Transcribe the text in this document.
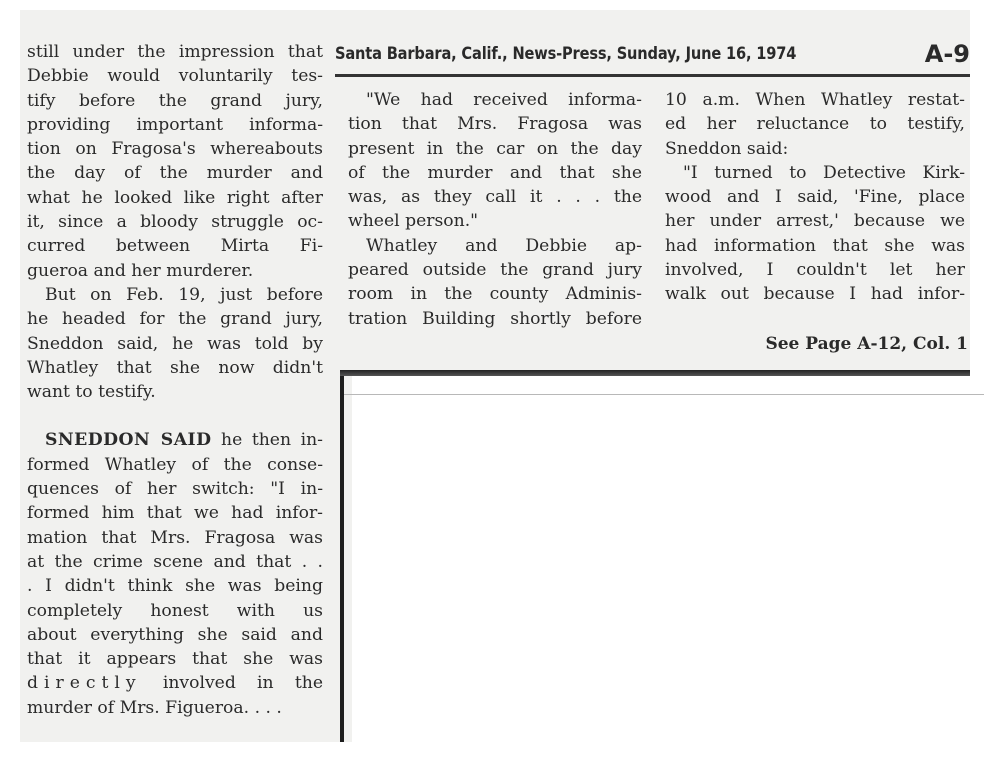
Santa Barbara, Calif., News-Press, Sunday, June 16, 1974	A-9

still under the impression that
Debbie would voluntarily tes-
tify before the grand jury,
providing important informa-
tion on Fragosa's whereabouts
the day of the murder and
what he looked like right after
it, since a bloody struggle oc-
curred between Mirta Fi-
gueroa and her murderer.

But on Feb. 19, just before
he headed for the grand jury,
Sneddon said, he was told by
Whatley that she now didn't
want to testify.

SNEDDON SAID he then in-
formed Whatley of the conse-
quences of her switch: "I in-
formed him that we had infor-
mation that Mrs. Fragosa was
at the crime scene and that . .
. I didn't think she was being
completely honest with us
about everything she said and
that it appears that she was
directly involved in the
murder of Mrs. Figueroa. . . .

"We had received informa-
tion that Mrs. Fragosa was
present in the car on the day
of the murder and that she
was, as they call it . . . the
wheel person."

Whatley and Debbie ap-
peared outside the grand jury
room in the county Adminis-
tration Building shortly before

10 a.m. When Whatley restat-
ed her reluctance to testify,
Sneddon said:

"I turned to Detective Kirk-
wood and I said, 'Fine, place
her under arrest,' because we
had information that she was
involved, I couldn't let her
walk out because I had infor-

See Page A-12, Col. 1
